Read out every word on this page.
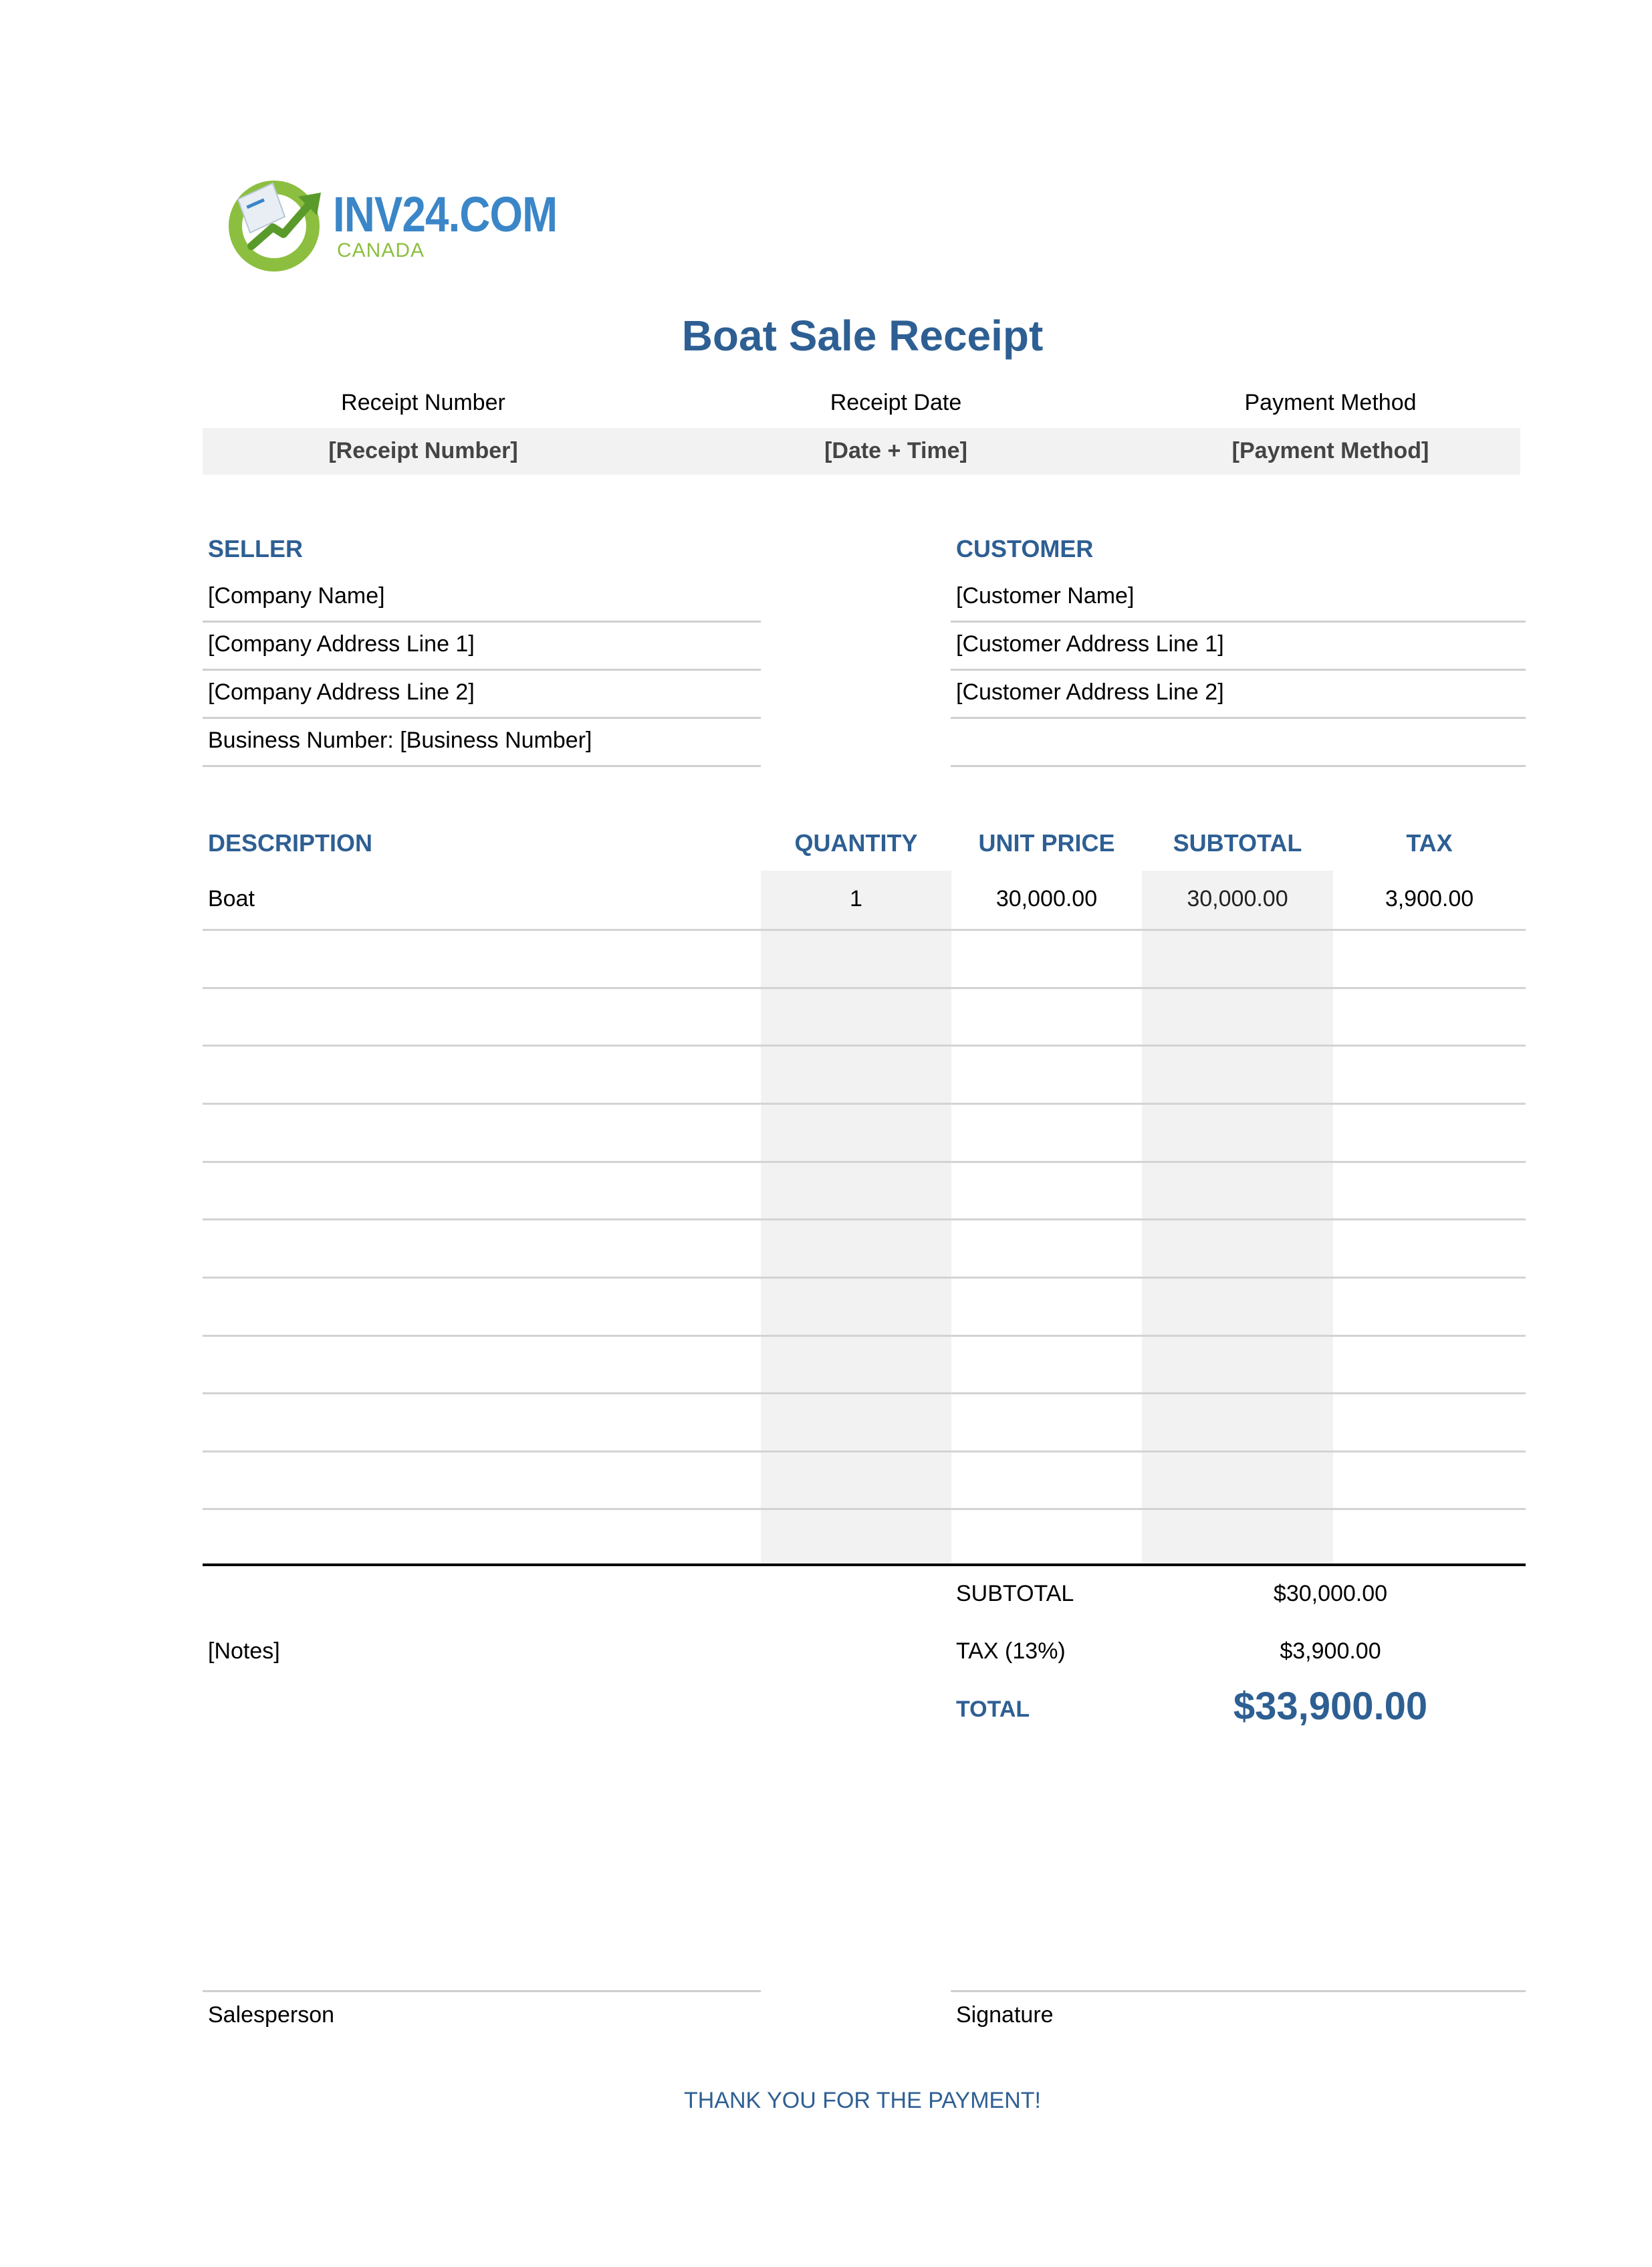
INV24.COM
CANADA
Boat Sale Receipt
Receipt Number	Receipt Date	Payment Method
[Receipt Number]	[Date + Time]	[Payment Method]
SELLER
[Company Name]
[Company Address Line 1]
[Company Address Line 2]
Business Number: [Business Number]
CUSTOMER
[Customer Name]
[Customer Address Line 1]
[Customer Address Line 2]
DESCRIPTION	QUANTITY	UNIT PRICE	SUBTOTAL	TAX
Boat	1	30,000.00	30,000.00	3,900.00
[Notes]
SUBTOTAL	$30,000.00
TAX (13%)	$3,900.00
TOTAL	$33,900.00
Salesperson	Signature
THANK YOU FOR THE PAYMENT!
